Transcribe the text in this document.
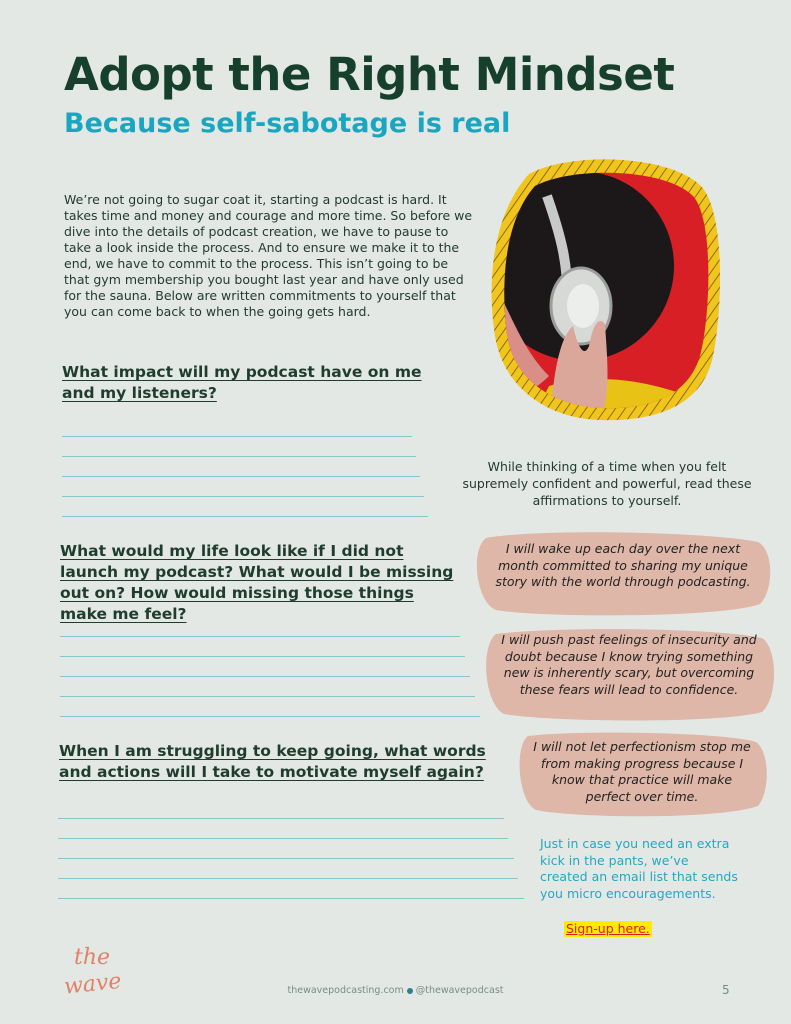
Adopt the Right Mindset
Because self-sabotage is real

We’re not going to sugar coat it, starting a podcast is hard. It takes time and money and courage and more time. So before we dive into the details of podcast creation, we have to pause to take a look inside the process. And to ensure we make it to the end, we have to commit to the process. This isn’t going to be that gym membership you bought last year and have only used for the sauna. Below are written commitments to yourself that you can come back to when the going gets hard.

What impact will my podcast have on me and my listeners?

What would my life look like if I did not launch my podcast? What would I be missing out on? How would missing those things make me feel?

When I am struggling to keep going, what words and actions will I take to motivate myself again?

While thinking of a time when you felt supremely confident and powerful, read these affirmations to yourself.

I will wake up each day over the next month committed to sharing my unique story with the world through podcasting.

I will push past feelings of insecurity and doubt because I know trying something new is inherently scary, but overcoming these fears will lead to confidence.

I will not let perfectionism stop me from making progress because I know that practice will make perfect over time.

Just in case you need an extra kick in the pants, we’ve created an email list that sends you micro encouragements.

Sign-up here.
the
wave	thewavepodcasting.com @thewavepodcast	5
